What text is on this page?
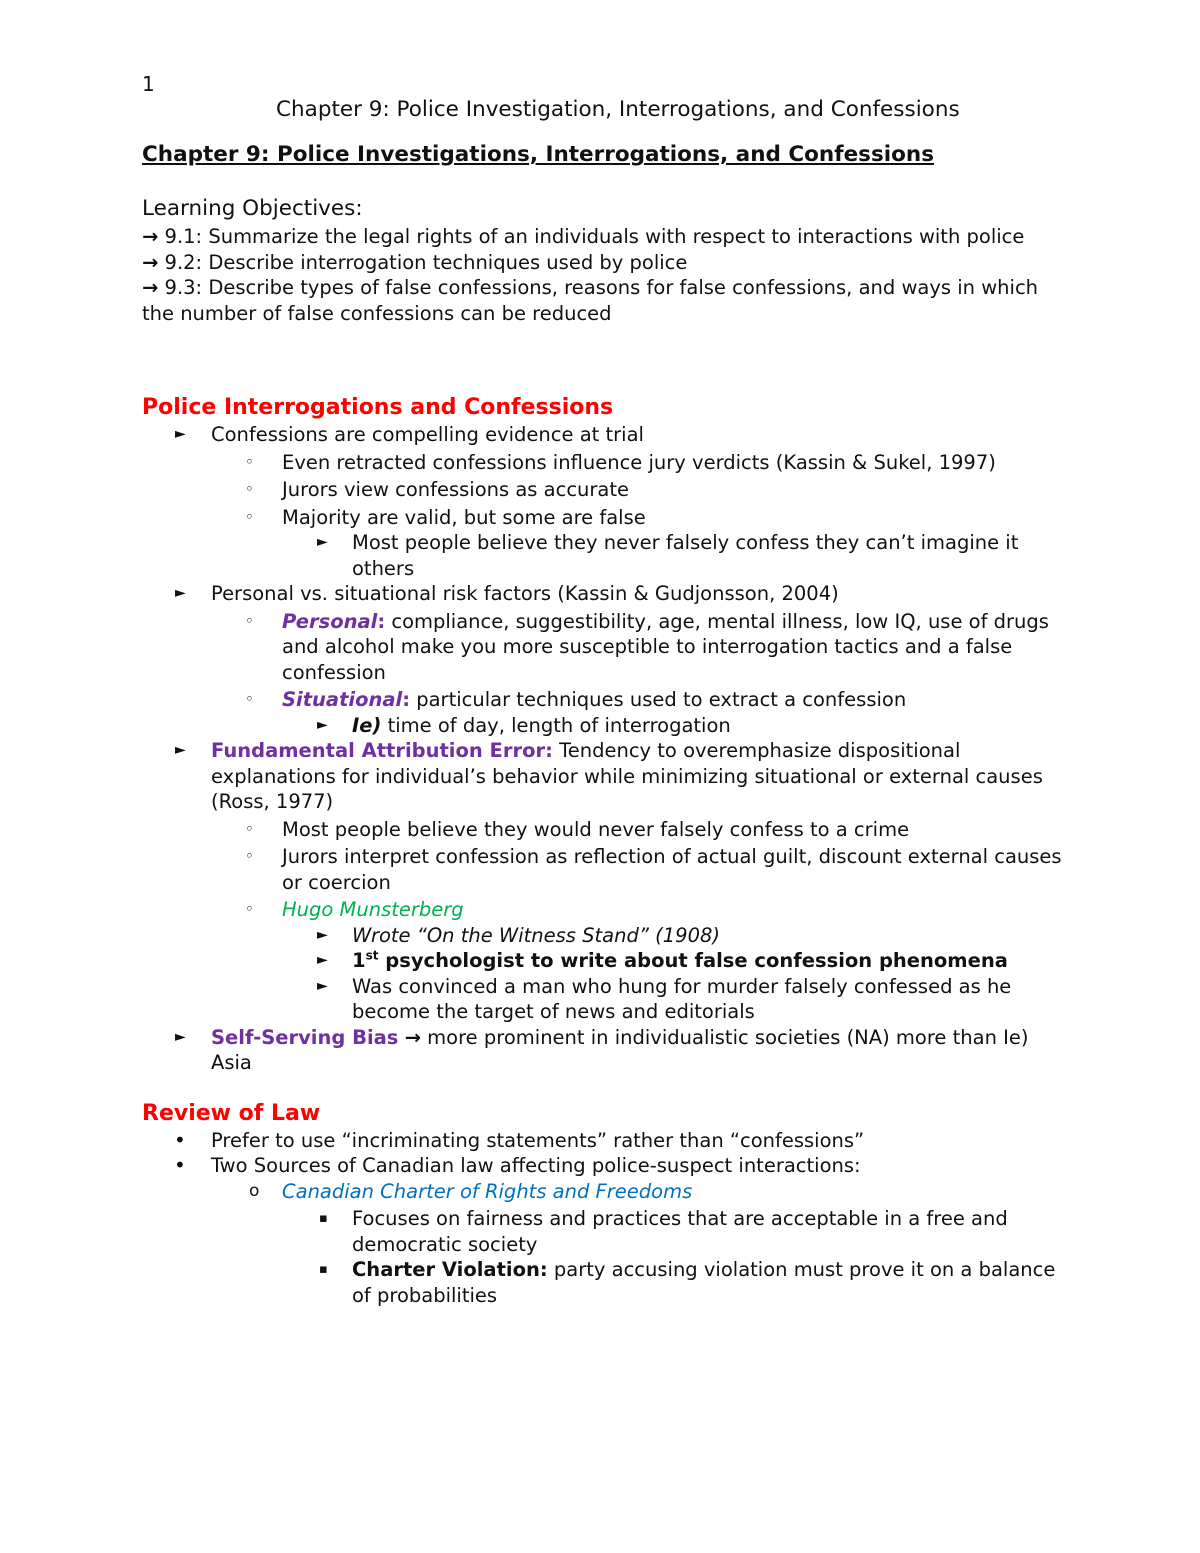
1
Chapter 9: Police Investigation, Interrogations, and Confessions
Chapter 9: Police Investigations, Interrogations, and Confessions
Learning Objectives:

→ 9.1: Summarize the legal rights of an individuals with respect to interactions with police

→ 9.2: Describe interrogation techniques used by police

→ 9.3: Describe types of false confessions, reasons for false confessions, and ways in which the number of false confessions can be reduced

Police Interrogations and Confessions
► Confessions are compelling evidence at trial
◦ Even retracted confessions influence jury verdicts (Kassin & Sukel, 1997)
◦ Jurors view confessions as accurate
◦ Majority are valid, but some are false
► Most people believe they never falsely confess they can’t imagine it others
► Personal vs. situational risk factors (Kassin & Gudjonsson, 2004)
◦ Personal: compliance, suggestibility, age, mental illness, low IQ, use of drugs and alcohol make you more susceptible to interrogation tactics and a false confession
◦ Situational: particular techniques used to extract a confession
► Ie) time of day, length of interrogation
► Fundamental Attribution Error: Tendency to overemphasize dispositional explanations for individual’s behavior while minimizing situational or external causes (Ross, 1977)
◦ Most people believe they would never falsely confess to a crime
◦ Jurors interpret confession as reflection of actual guilt, discount external causes or coercion
◦ Hugo Munsterberg
► Wrote “On the Witness Stand” (1908)
► 1st psychologist to write about false confession phenomena
► Was convinced a man who hung for murder falsely confessed as he become the target of news and editorials
► Self-Serving Bias → more prominent in individualistic societies (NA) more than Ie) Asia
Review of Law
• Prefer to use “incriminating statements” rather than “confessions”
• Two Sources of Canadian law affecting police-suspect interactions:
o Canadian Charter of Rights and Freedoms
▪ Focuses on fairness and practices that are acceptable in a free and democratic society
▪ Charter Violation: party accusing violation must prove it on a balance of probabilities
